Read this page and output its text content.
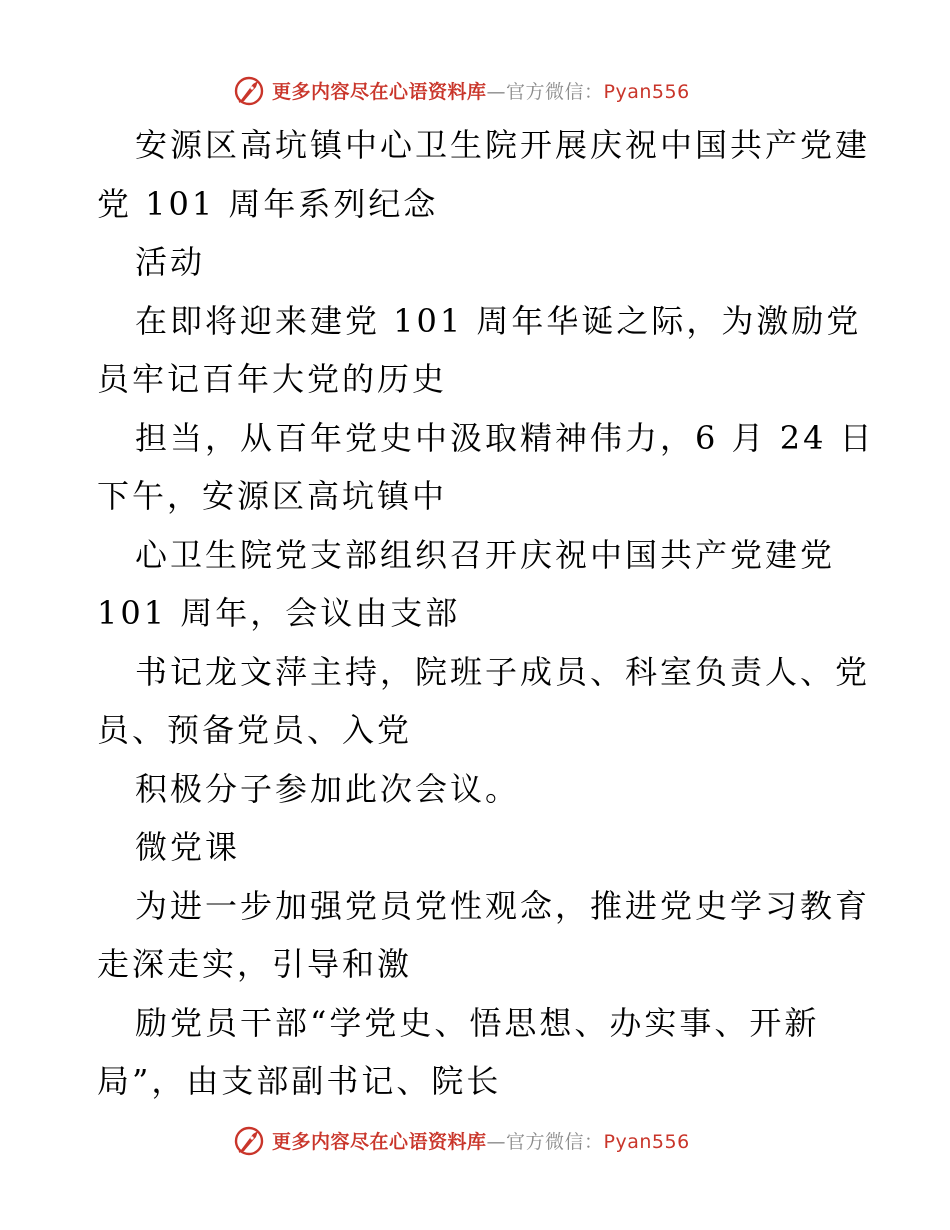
更多内容尽在心语资料库—官方微信：Pyan556

安源区高坑镇中心卫生院开展庆祝中国共产党建

党 101 周年系列纪念

活动

在即将迎来建党 101 周年华诞之际，为激励党

员牢记百年大党的历史

担当，从百年党史中汲取精神伟力，6 月 24 日

下午，安源区高坑镇中

心卫生院党支部组织召开庆祝中国共产党建党

101 周年，会议由支部

书记龙文萍主持，院班子成员、科室负责人、党

员、预备党员、入党

积极分子参加此次会议。

微党课

为进一步加强党员党性观念，推进党史学习教育

走深走实，引导和激

励党员干部“学党史、悟思想、办实事、开新

局”，由支部副书记、院长

更多内容尽在心语资料库—官方微信：Pyan556
